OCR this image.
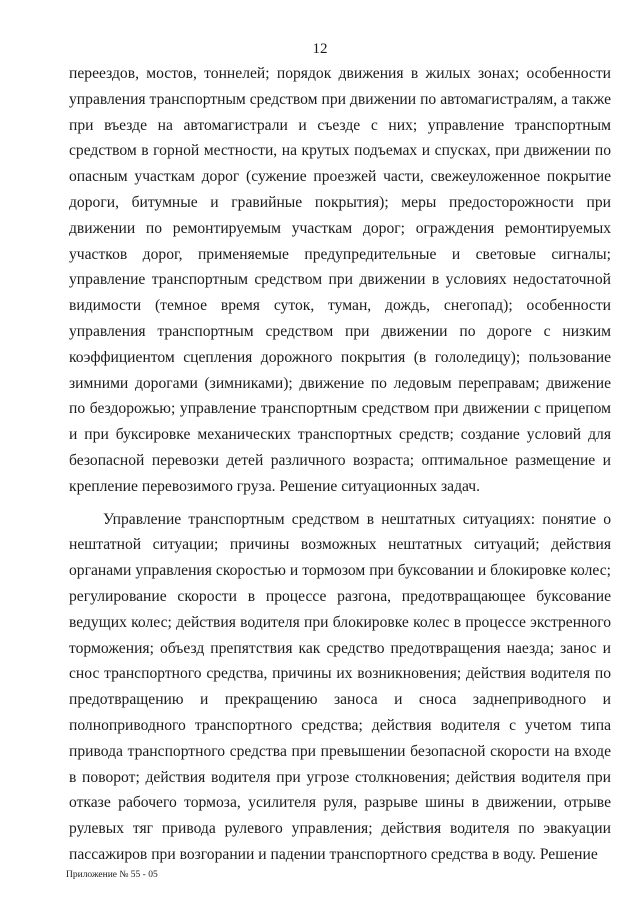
12

переездов, мостов, тоннелей; порядок движения в жилых зонах; особенности управления транспортным средством при движении по автомагистралям, а также при въезде на автомагистрали и съезде с них; управление транспортным средством в горной местности, на крутых подъемах и спусках, при движении по опасным участкам дорог (сужение проезжей части, свежеуложенное покрытие дороги, битумные и гравийные покрытия); меры предосторожности при движении по ремонтируемым участкам дорог; ограждения ремонтируемых участков дорог, применяемые предупредительные и световые сигналы; управление транспортным средством при движении в условиях недостаточной видимости (темное время суток, туман, дождь, снегопад); особенности управления транспортным средством при движении по дороге с низким коэффициентом сцепления дорожного покрытия (в гололедицу); пользование зимними дорогами (зимниками); движение по ледовым переправам; движение по бездорожью; управление транспортным средством при движении с прицепом и при буксировке механических транспортных средств; создание условий для безопасной перевозки детей различного возраста; оптимальное размещение и крепление перевозимого груза. Решение ситуационных задач.

Управление транспортным средством в нештатных ситуациях: понятие о нештатной ситуации; причины возможных нештатных ситуаций; действия органами управления скоростью и тормозом при буксовании и блокировке колес; регулирование скорости в процессе разгона, предотвращающее буксование ведущих колес; действия водителя при блокировке колес в процессе экстренного торможения; объезд препятствия как средство предотвращения наезда; занос и снос транспортного средства, причины их возникновения; действия водителя по предотвращению и прекращению заноса и сноса заднеприводного и полноприводного транспортного средства; действия водителя с учетом типа привода транспортного средства при превышении безопасной скорости на входе в поворот; действия водителя при угрозе столкновения; действия водителя при отказе рабочего тормоза, усилителя руля, разрыве шины в движении, отрыве рулевых тяг привода рулевого управления; действия водителя по эвакуации пассажиров при возгорании и падении транспортного средства в воду. Решение

Приложение № 55 - 05
